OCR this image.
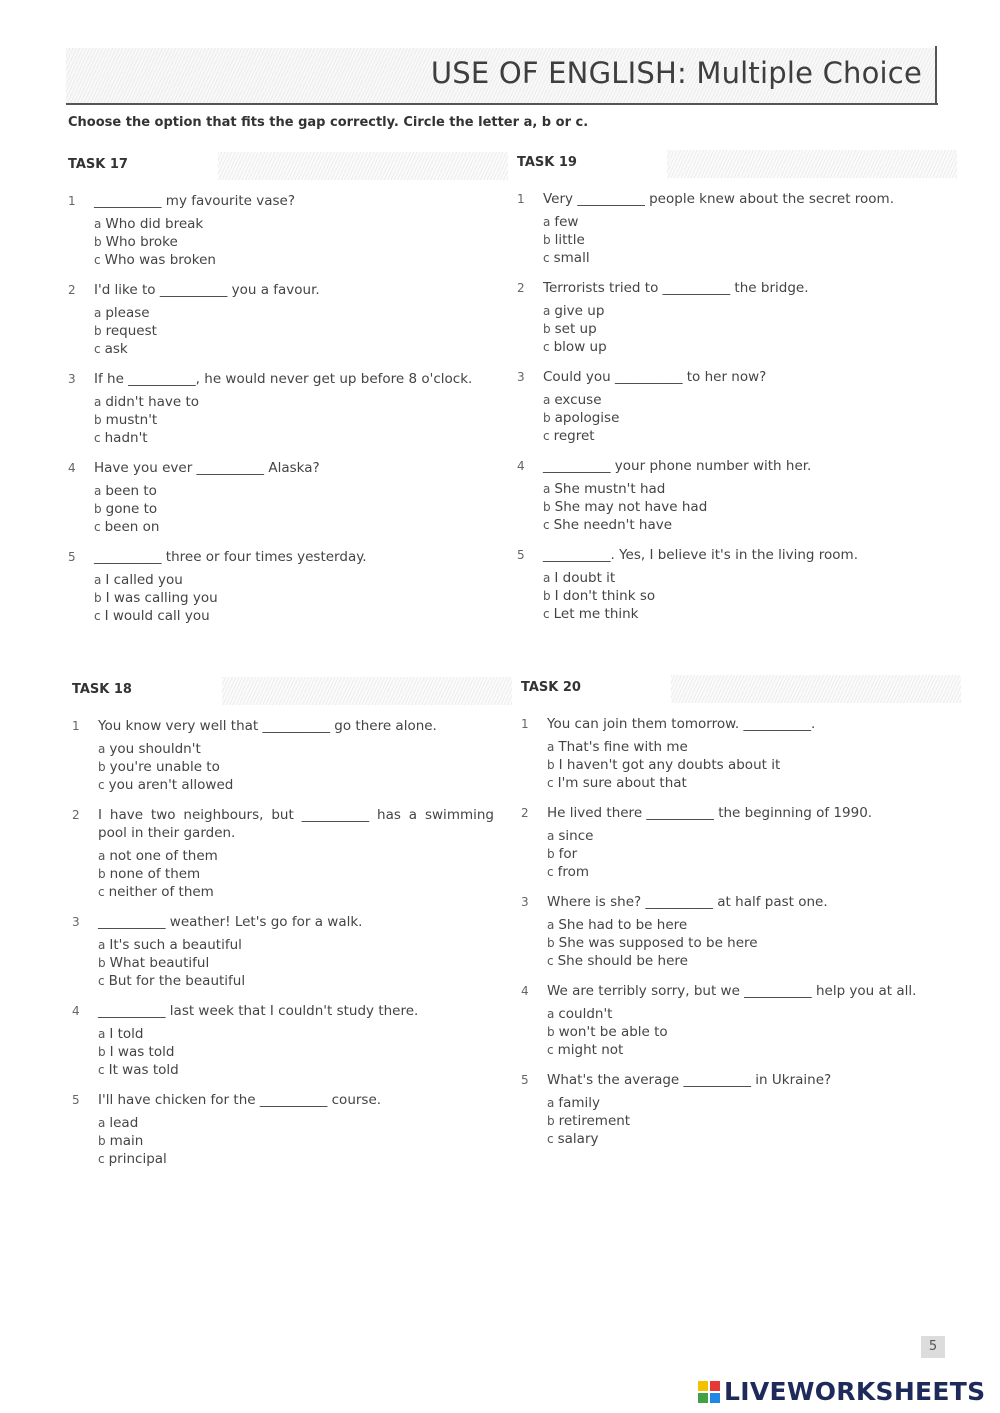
USE OF ENGLISH: Multiple Choice
Choose the option that fits the gap correctly. Circle the letter a, b or c.
TASK 17
1 __________ my favourite vase?
a Who did break
b Who broke
c Who was broken
2 I'd like to __________ you a favour.
a please
b request
c ask
3 If he __________, he would never get up before 8 o'clock.
a didn't have to
b mustn't
c hadn't
4 Have you ever __________ Alaska?
a been to
b gone to
c been on
5 __________ three or four times yesterday.
a I called you
b I was calling you
c I would call you
TASK 19
1 Very __________ people knew about the secret room.
a few
b little
c small
2 Terrorists tried to __________ the bridge.
a give up
b set up
c blow up
3 Could you __________ to her now?
a excuse
b apologise
c regret
4 __________ your phone number with her.
a She mustn't had
b She may not have had
c She needn't have
5 __________. Yes, I believe it's in the living room.
a I doubt it
b I don't think so
c Let me think
TASK 18
1 You know very well that __________ go there alone.
a you shouldn't
b you're unable to
c you aren't allowed
2 I have two neighbours, but __________ has a swimming pool in their garden.
a not one of them
b none of them
c neither of them
3 __________ weather! Let's go for a walk.
a It's such a beautiful
b What beautiful
c But for the beautiful
4 __________ last week that I couldn't study there.
a I told
b I was told
c It was told
5 I'll have chicken for the __________ course.
a lead
b main
c principal
TASK 20
1 You can join them tomorrow. __________.
a That's fine with me
b I haven't got any doubts about it
c I'm sure about that
2 He lived there __________ the beginning of 1990.
a since
b for
c from
3 Where is she? __________ at half past one.
a She had to be here
b She was supposed to be here
c She should be here
4 We are terribly sorry, but we __________ help you at all.
a couldn't
b won't be able to
c might not
5 What's the average __________ in Ukraine?
a family
b retirement
c salary
5
LIVEWORKSHEETS
